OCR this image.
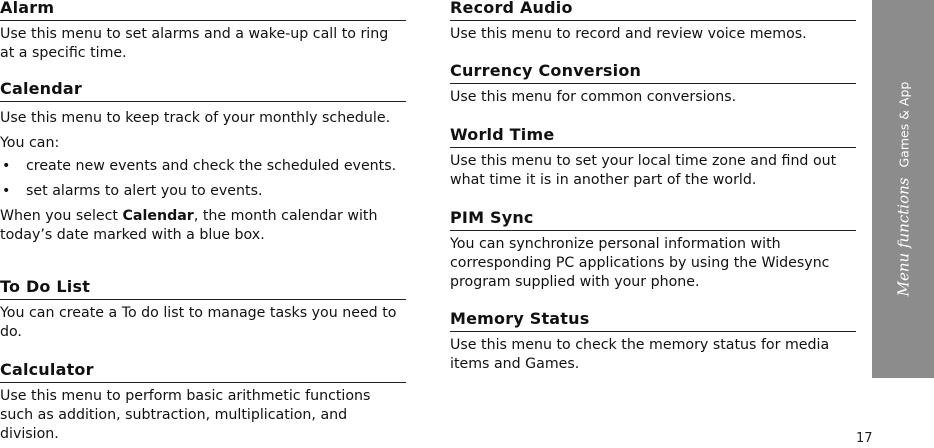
Alarm

Use this menu to set alarms and a wake-up call to ring at a specific time.

Calendar

Use this menu to keep track of your monthly schedule.

You can:

• create new events and check the scheduled events.
• set alarms to alert you to events.

When you select Calendar, the month calendar with today’s date marked with a blue box.

To Do List

You can create a To do list to manage tasks you need to do.

Calculator

Use this menu to perform basic arithmetic functions such as addition, subtraction, multiplication, and division.

Record Audio

Use this menu to record and review voice memos.

Currency Conversion

Use this menu for common conversions.

World Time

Use this menu to set your local time zone and find out what time it is in another part of the world.

PIM Sync

You can synchronize personal information with corresponding PC applications by using the Widesync program supplied with your phone.

Memory Status

Use this menu to check the memory status for media items and Games.

Menu functionsGames & App
17
